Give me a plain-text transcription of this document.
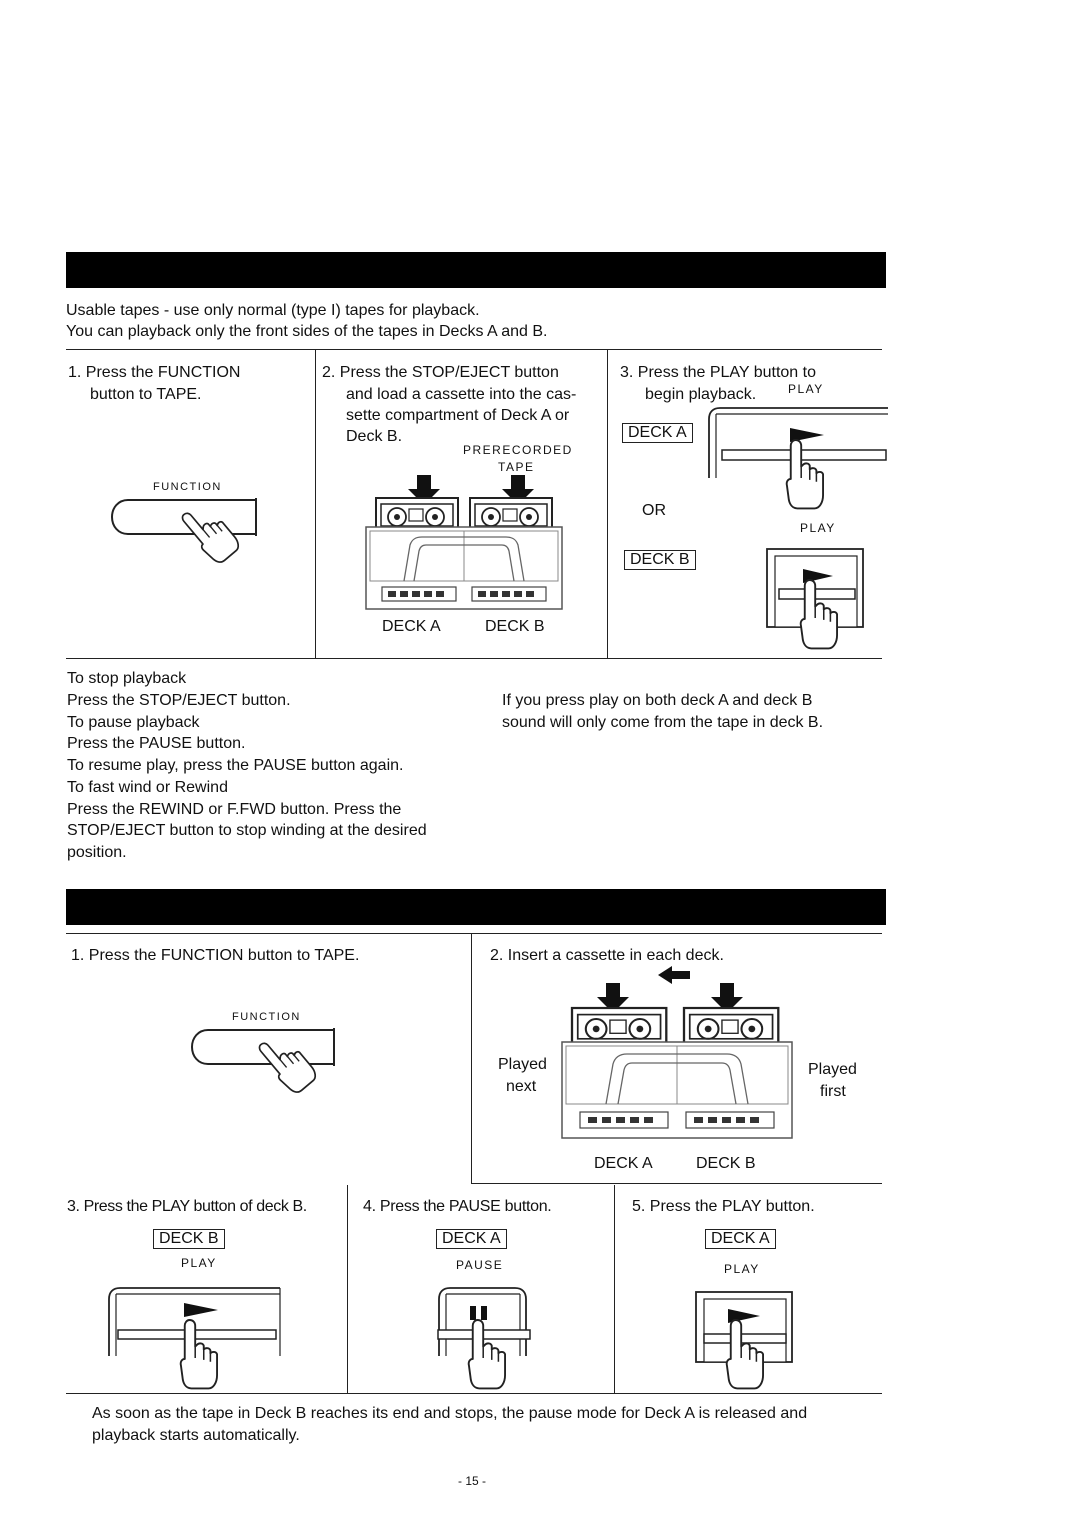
Usable tapes - use only normal (type I) tapes for playback.
You can playback only the front sides of the tapes in Decks A and B.
1. Press the FUNCTION
button to TAPE.
FUNCTION
2. Press the STOP/EJECT button
and load a cassette into the cas-
sette compartment of Deck A or
Deck B.
PRERECORDED
TAPE
DECK A	DECK B
3. Press the PLAY button to
begin playback.	PLAY
DECK A
OR
PLAY
DECK B
To stop playback
Press the STOP/EJECT button.
To pause playback
Press the PAUSE button.
To resume play, press the PAUSE button again.
To fast wind or Rewind
Press the REWIND or F.FWD button. Press the
STOP/EJECT button to stop winding at the desired
position.
If you press play on both deck A and deck B
sound will only come from the tape in deck B.
1. Press the FUNCTION button to TAPE.
FUNCTION
2. Insert a cassette in each deck.
Played
next
Played
first
DECK A	DECK B
3. Press the PLAY button of deck B.
DECK B
PLAY
4. Press the PAUSE button.
DECK A
PAUSE
5. Press the PLAY button.
DECK A
PLAY
As soon as the tape in Deck B reaches its end and stops, the pause mode for Deck A is released and
playback starts automatically.
- 15 -
